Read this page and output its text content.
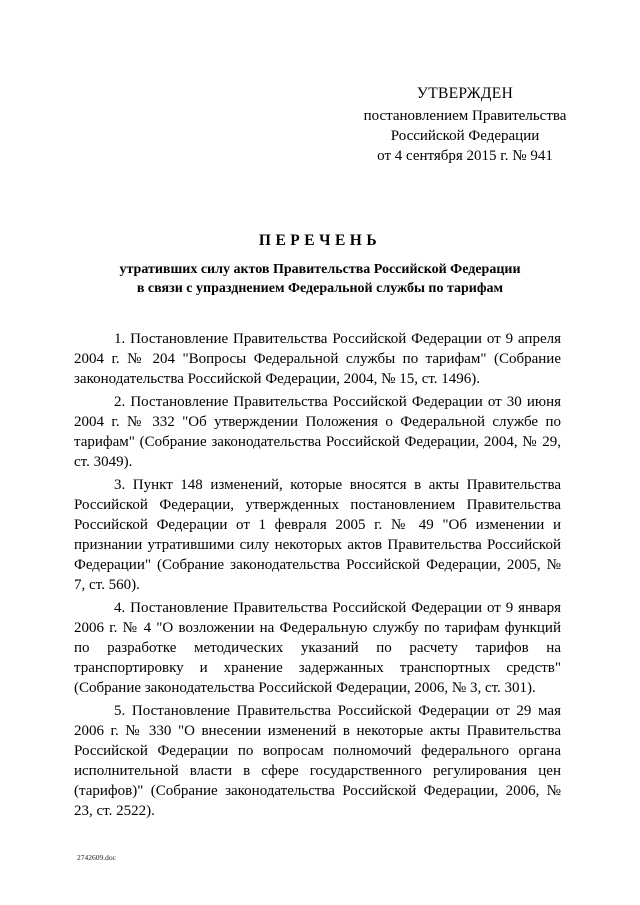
УТВЕРЖДЕН
постановлением Правительства
Российской Федерации
от 4 сентября 2015 г. № 941
ПЕРЕЧЕНЬ
утративших силу актов Правительства Российской Федерации
в связи с упразднением Федеральной службы по тарифам

1. Постановление Правительства Российской Федерации от 9 апреля 2004 г. № 204 "Вопросы Федеральной службы по тарифам" (Собрание законодательства Российской Федерации, 2004, № 15, ст. 1496).

2. Постановление Правительства Российской Федерации от 30 июня 2004 г. № 332 "Об утверждении Положения о Федеральной службе по тарифам" (Собрание законодательства Российской Федерации, 2004, № 29, ст. 3049).

3. Пункт 148 изменений, которые вносятся в акты Правительства Российской Федерации, утвержденных постановлением Правительства Российской Федерации от 1 февраля 2005 г. № 49 "Об изменении и признании утратившими силу некоторых актов Правительства Российской Федерации" (Собрание законодательства Российской Федерации, 2005, № 7, ст. 560).

4. Постановление Правительства Российской Федерации от 9 января 2006 г. № 4 "О возложении на Федеральную службу по тарифам функций по разработке методических указаний по расчету тарифов на транспортировку и хранение задержанных транспортных средств" (Собрание законодательства Российской Федерации, 2006, № 3, ст. 301).

5. Постановление Правительства Российской Федерации от 29 мая 2006 г. № 330 "О внесении изменений в некоторые акты Правительства Российской Федерации по вопросам полномочий федерального органа исполнительной власти в сфере государственного регулирования цен (тарифов)" (Собрание законодательства Российской Федерации, 2006, № 23, ст. 2522).

2742609.doc
